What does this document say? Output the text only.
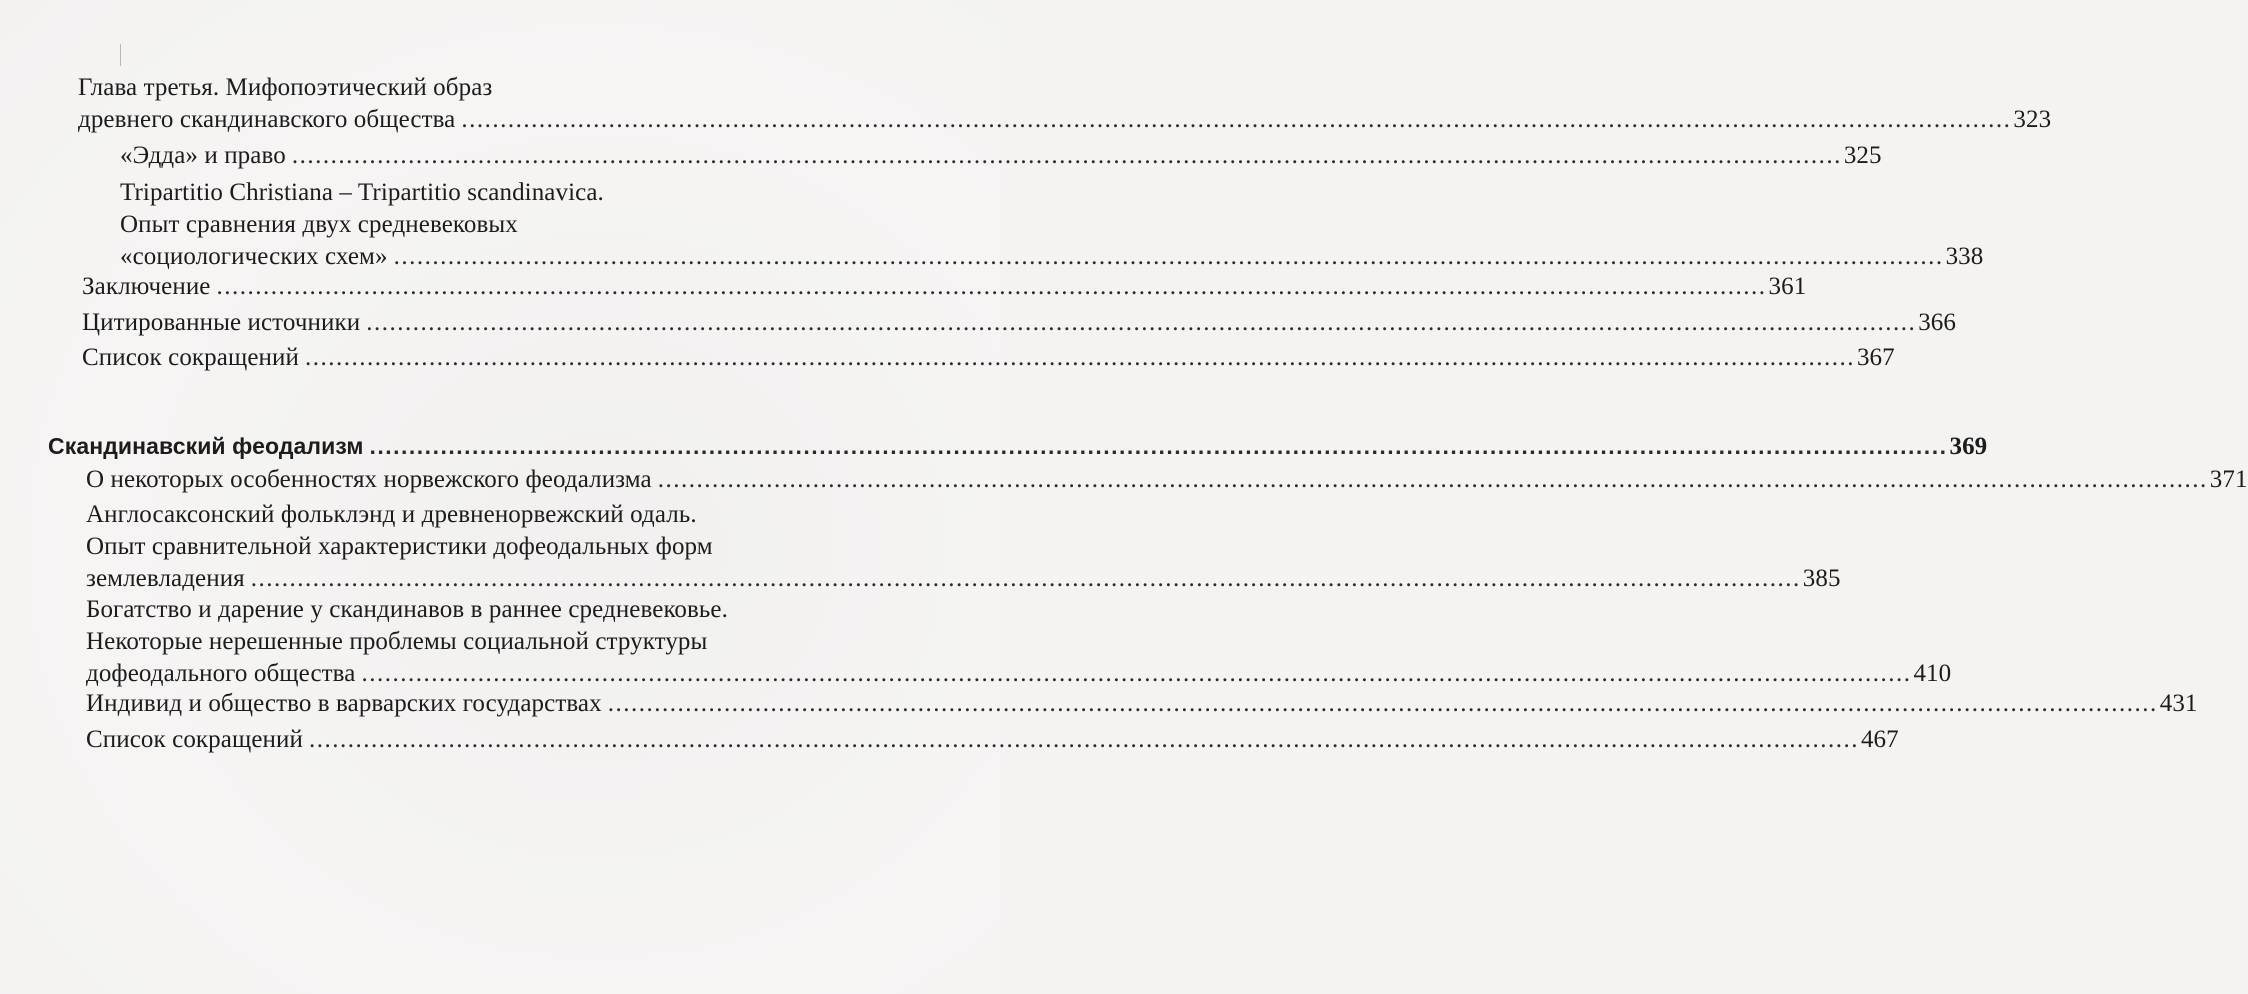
Глава третья. Мифопоэтический образ
древнего скандинавского общества ........................................................................................................................................................................................................ 323
«Эдда» и право ........................................................................................................................................................................................................ 325
Tripartitio Christiana – Tripartitio scandinavica.
Опыт сравнения двух средневековых
«социологических схем» ........................................................................................................................................................................................................ 338
Заключение ........................................................................................................................................................................................................ 361
Цитированные источники ........................................................................................................................................................................................................ 366
Список сокращений ........................................................................................................................................................................................................ 367
Скандинавский феодализм ........................................................................................................................................................................................................ 369
О некоторых особенностях норвежского феодализма ........................................................................................................................................................................................................ 371
Англосаксонский фольклэнд и древненорвежский одаль.
Опыт сравнительной характеристики дофеодальных форм
землевладения ........................................................................................................................................................................................................ 385
Богатство и дарение у скандинавов в раннее средневековье.
Некоторые нерешенные проблемы социальной структуры
дофеодального общества ........................................................................................................................................................................................................ 410
Индивид и общество в варварских государствах ........................................................................................................................................................................................................ 431
Список сокращений ........................................................................................................................................................................................................ 467
